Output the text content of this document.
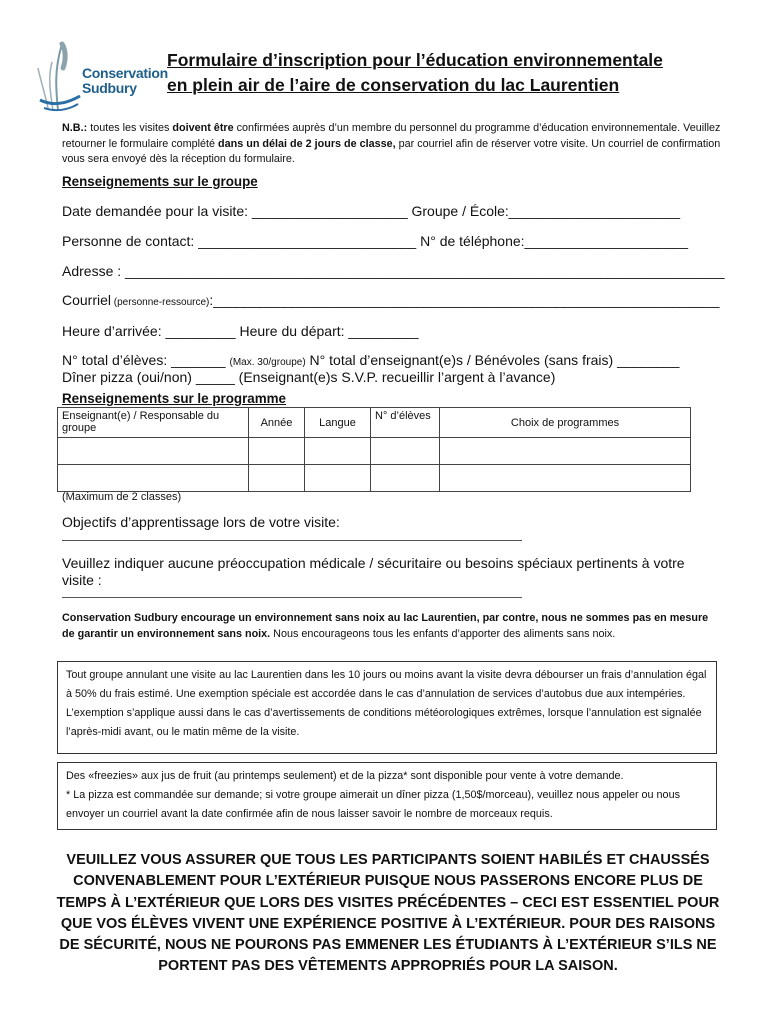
Conservation
Sudbury
Formulaire d’inscription pour l’éducation environnementale
en plein air de l’aire de conservation du lac Laurentien
N.B.: toutes les visites doivent être confirmées auprès d’un membre du personnel du programme d’éducation environnementale. Veuillez retourner le formulaire complété dans un délai de 2 jours de classe, par courriel afin de réserver votre visite. Un courriel de confirmation vous sera envoyé dès la réception du formulaire.
Renseignements sur le groupe
Date demandée pour la visite: ____________________ Groupe / École:______________________
Personne de contact: ____________________________ N° de téléphone:_____________________
Adresse : _____________________________________________________________________________
Courriel (personne-ressource):_________________________________________________________________
Heure d’arrivée: _________ Heure du départ: _________
N° total d’élèves: _______ (Max. 30/groupe) N° total d’enseignant(e)s / Bénévoles (sans frais) ________
Dîner pizza (oui/non) _____ (Enseignant(e)s S.V.P. recueillir l’argent à l’avance)
Renseignements sur le programme
Enseignant(e) / Responsable du groupe	Année	Langue	N° d’élèves	Choix de programmes

(Maximum de 2 classes)
Objectifs d’apprentissage lors de votre visite:
Veuillez indiquer aucune préoccupation médicale / sécuritaire ou besoins spéciaux pertinents à votre visite :
Conservation Sudbury encourage un environnement sans noix au lac Laurentien, par contre, nous ne sommes pas en mesure de garantir un environnement sans noix. Nous encourageons tous les enfants d’apporter des aliments sans noix.
Tout groupe annulant une visite au lac Laurentien dans les 10 jours ou moins avant la visite devra débourser un frais d’annulation égal à 50% du frais estimé. Une exemption spéciale est accordée dans le cas d’annulation de services d’autobus due aux intempéries. L’exemption s’applique aussi dans le cas d’avertissements de conditions météorologiques extrêmes, lorsque l’annulation est signalée l’après-midi avant, ou le matin même de la visite.
Des «freezies» aux jus de fruit (au printemps seulement) et de la pizza* sont disponible pour vente à votre demande.
* La pizza est commandée sur demande; si votre groupe aimerait un dîner pizza (1,50$/morceau), veuillez nous appeler ou nous envoyer un courriel avant la date confirmée afin de nous laisser savoir le nombre de morceaux requis.
VEUILLEZ VOUS ASSURER QUE TOUS LES PARTICIPANTS SOIENT HABILÉS ET CHAUSSÉS CONVENABLEMENT POUR L’EXTÉRIEUR PUISQUE NOUS PASSERONS ENCORE PLUS DE TEMPS À L’EXTÉRIEUR QUE LORS DES VISITES PRÉCÉDENTES – CECI EST ESSENTIEL POUR QUE VOS ÉLÈVES VIVENT UNE EXPÉRIENCE POSITIVE À L’EXTÉRIEUR. POUR DES RAISONS DE SÉCURITÉ, NOUS NE POURONS PAS EMMENER LES ÉTUDIANTS À L’EXTÉRIEUR S’ILS NE PORTENT PAS DES VÊTEMENTS APPROPRIÉS POUR LA SAISON.
